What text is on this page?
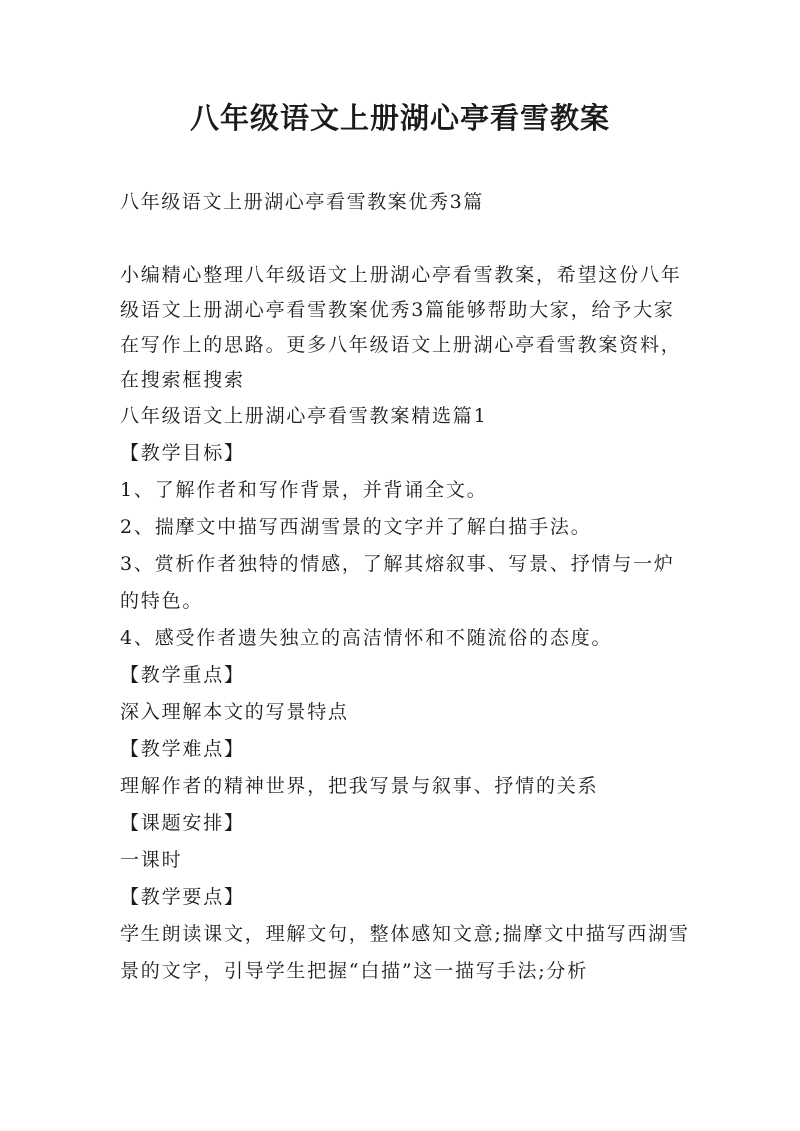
八年级语文上册湖心亭看雪教案
八年级语文上册湖心亭看雪教案优秀3篇

小编精心整理八年级语文上册湖心亭看雪教案，希望这份八年级语文上册湖心亭看雪教案优秀3篇能够帮助大家，给予大家在写作上的思路。更多八年级语文上册湖心亭看雪教案资料，在搜索框搜索

八年级语文上册湖心亭看雪教案精选篇1

【教学目标】

1、了解作者和写作背景，并背诵全文。

2、揣摩文中描写西湖雪景的文字并了解白描手法。

3、赏析作者独特的情感，了解其熔叙事、写景、抒情与一炉的特色。

4、感受作者遗失独立的高洁情怀和不随流俗的态度。

【教学重点】

深入理解本文的写景特点

【教学难点】

理解作者的精神世界，把我写景与叙事、抒情的关系

【课题安排】

一课时

【教学要点】

学生朗读课文，理解文句，整体感知文意;揣摩文中描写西湖雪景的文字，引导学生把握“白描”这一描写手法;分析
